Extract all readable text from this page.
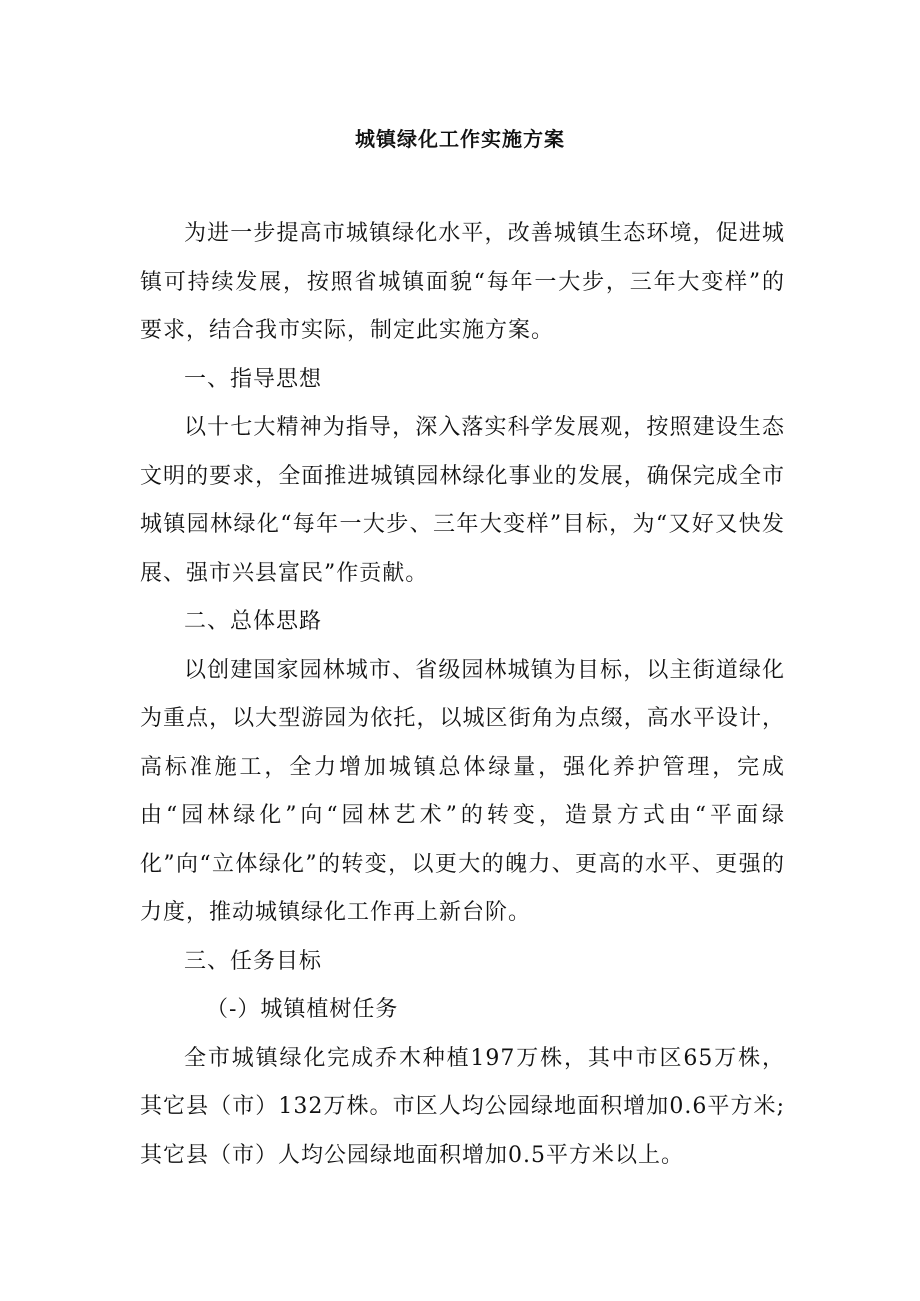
城镇绿化工作实施方案

为进一步提高市城镇绿化水平，改善城镇生态环境，促进城镇可持续发展，按照省城镇面貌“每年一大步，三年大变样”的要求，结合我市实际，制定此实施方案。

一、指导思想

以十七大精神为指导，深入落实科学发展观，按照建设生态文明的要求，全面推进城镇园林绿化事业的发展，确保完成全市城镇园林绿化“每年一大步、三年大变样”目标，为“又好又快发展、强市兴县富民”作贡献。

二、总体思路

以创建国家园林城市、省级园林城镇为目标，以主街道绿化为重点，以大型游园为依托，以城区街角为点缀，高水平设计，高标准施工，全力增加城镇总体绿量，强化养护管理，完成由“园林绿化”向“园林艺术”的转变，造景方式由“平面绿化”向“立体绿化”的转变，以更大的魄力、更高的水平、更强的力度，推动城镇绿化工作再上新台阶。

三、任务目标

（-）城镇植树任务

全市城镇绿化完成乔木种植197万株，其中市区65万株，其它县（市）132万株。市区人均公园绿地面积增加0.6平方米;其它县（市）人均公园绿地面积增加0.5平方米以上。
